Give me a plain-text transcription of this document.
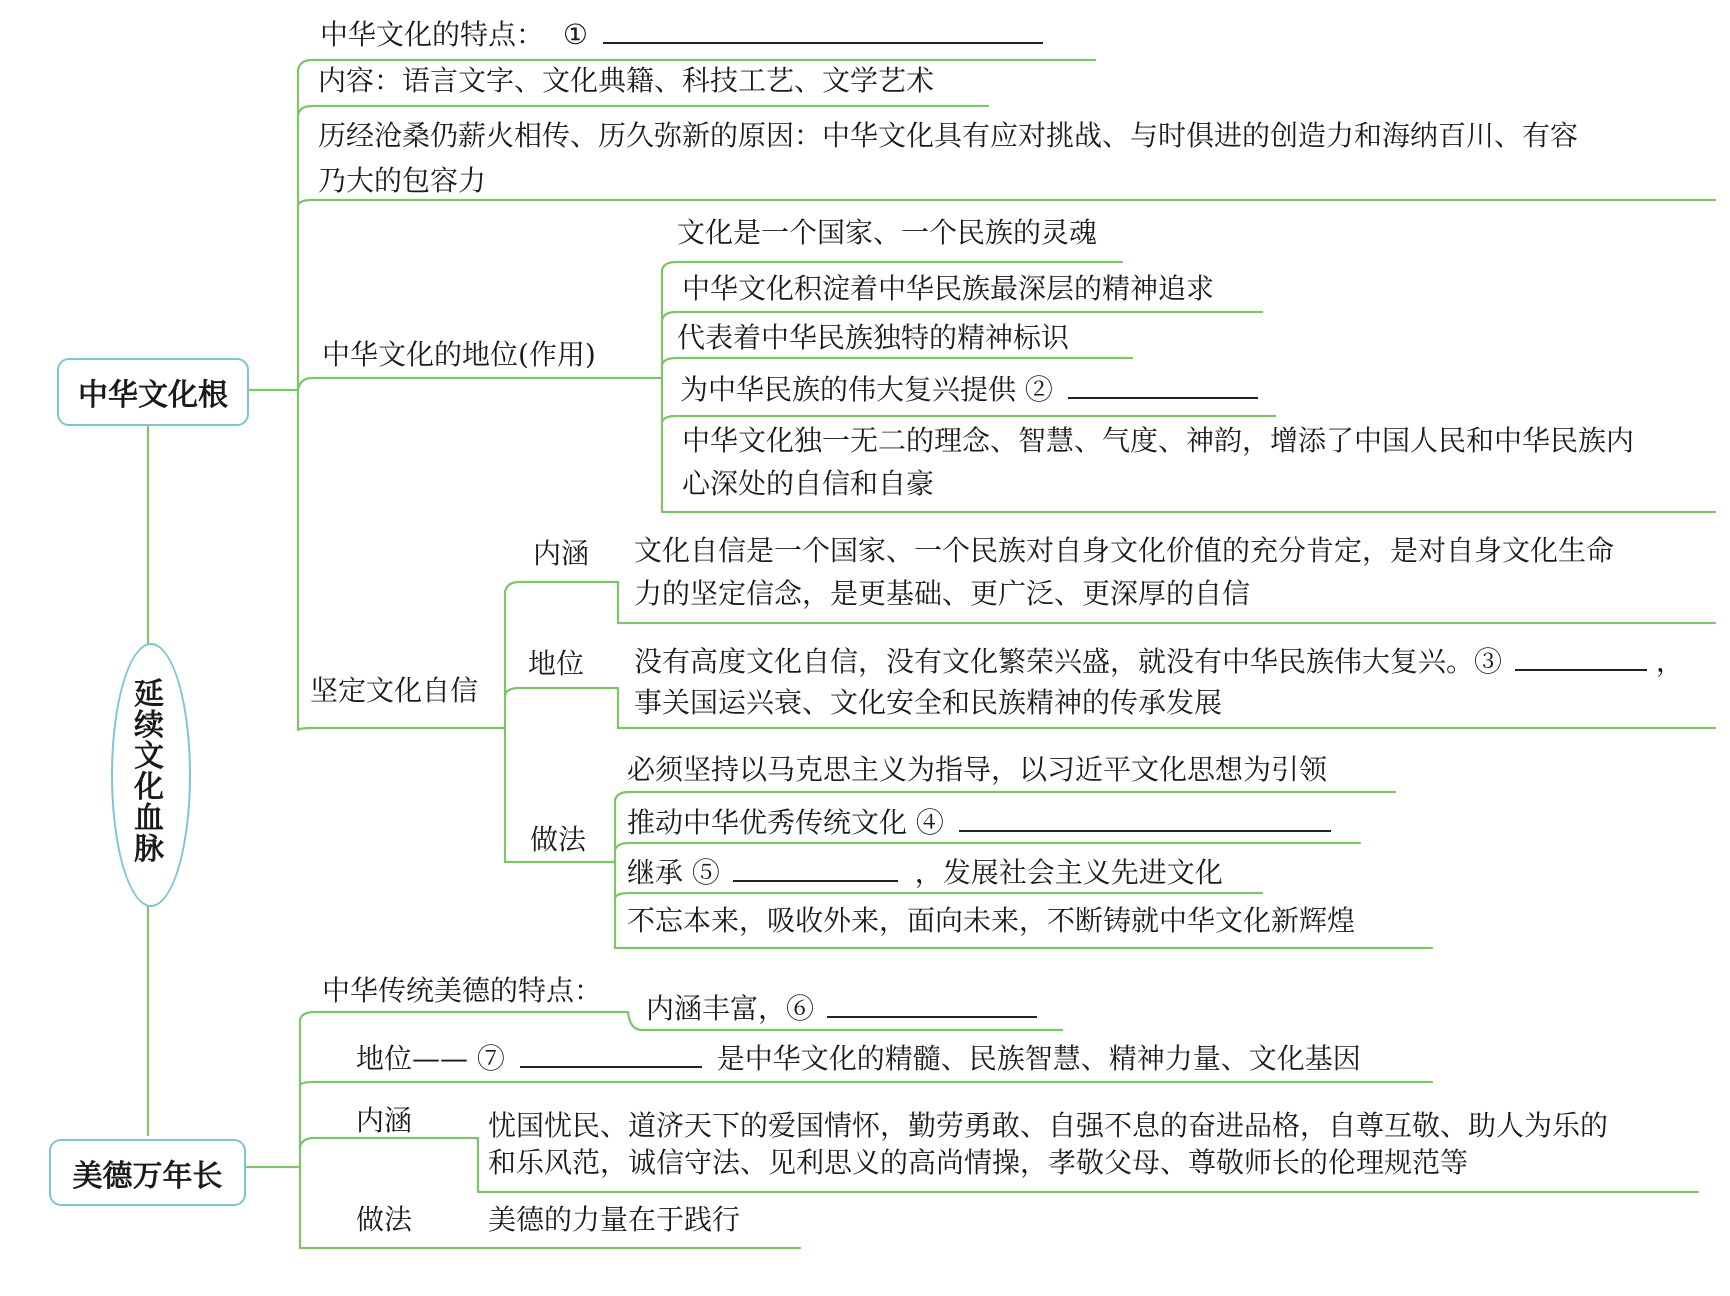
中华文化根
延续文化血脉
美德万年长
中华文化的特点： ①
内容：语言文字、文化典籍、科技工艺、文学艺术
历经沧桑仍薪火相传、历久弥新的原因：中华文化具有应对挑战、与时俱进的创造力和海纳百川、有容
乃大的包容力
中华文化的地位(作用)
文化是一个国家、一个民族的灵魂
中华文化积淀着中华民族最深层的精神追求
代表着中华民族独特的精神标识
为中华民族的伟大复兴提供 ②
中华文化独一无二的理念、智慧、气度、神韵，增添了中国人民和中华民族内
心深处的自信和自豪
坚定文化自信
内涵 文化自信是一个国家、一个民族对自身文化价值的充分肯定，是对自身文化生命
力的坚定信念，是更基础、更广泛、更深厚的自信
地位 没有高度文化自信，没有文化繁荣兴盛，就没有中华民族伟大复兴。③	，
事关国运兴衰、文化安全和民族精神的传承发展
做法
必须坚持以马克思主义为指导，以习近平文化思想为引领
推动中华优秀传统文化 ④
继承 ⑤	，发展社会主义先进文化
不忘本来，吸收外来，面向未来，不断铸就中华文化新辉煌
中华传统美德的特点：
内涵丰富，⑥
地位—— ⑦	是中华文化的精髓、民族智慧、精神力量、文化基因
内涵	忧国忧民、道济天下的爱国情怀，勤劳勇敢、自强不息的奋进品格，自尊互敬、助人为乐的
和乐风范，诚信守法、见利思义的高尚情操，孝敬父母、尊敬师长的伦理规范等
做法	美德的力量在于践行
